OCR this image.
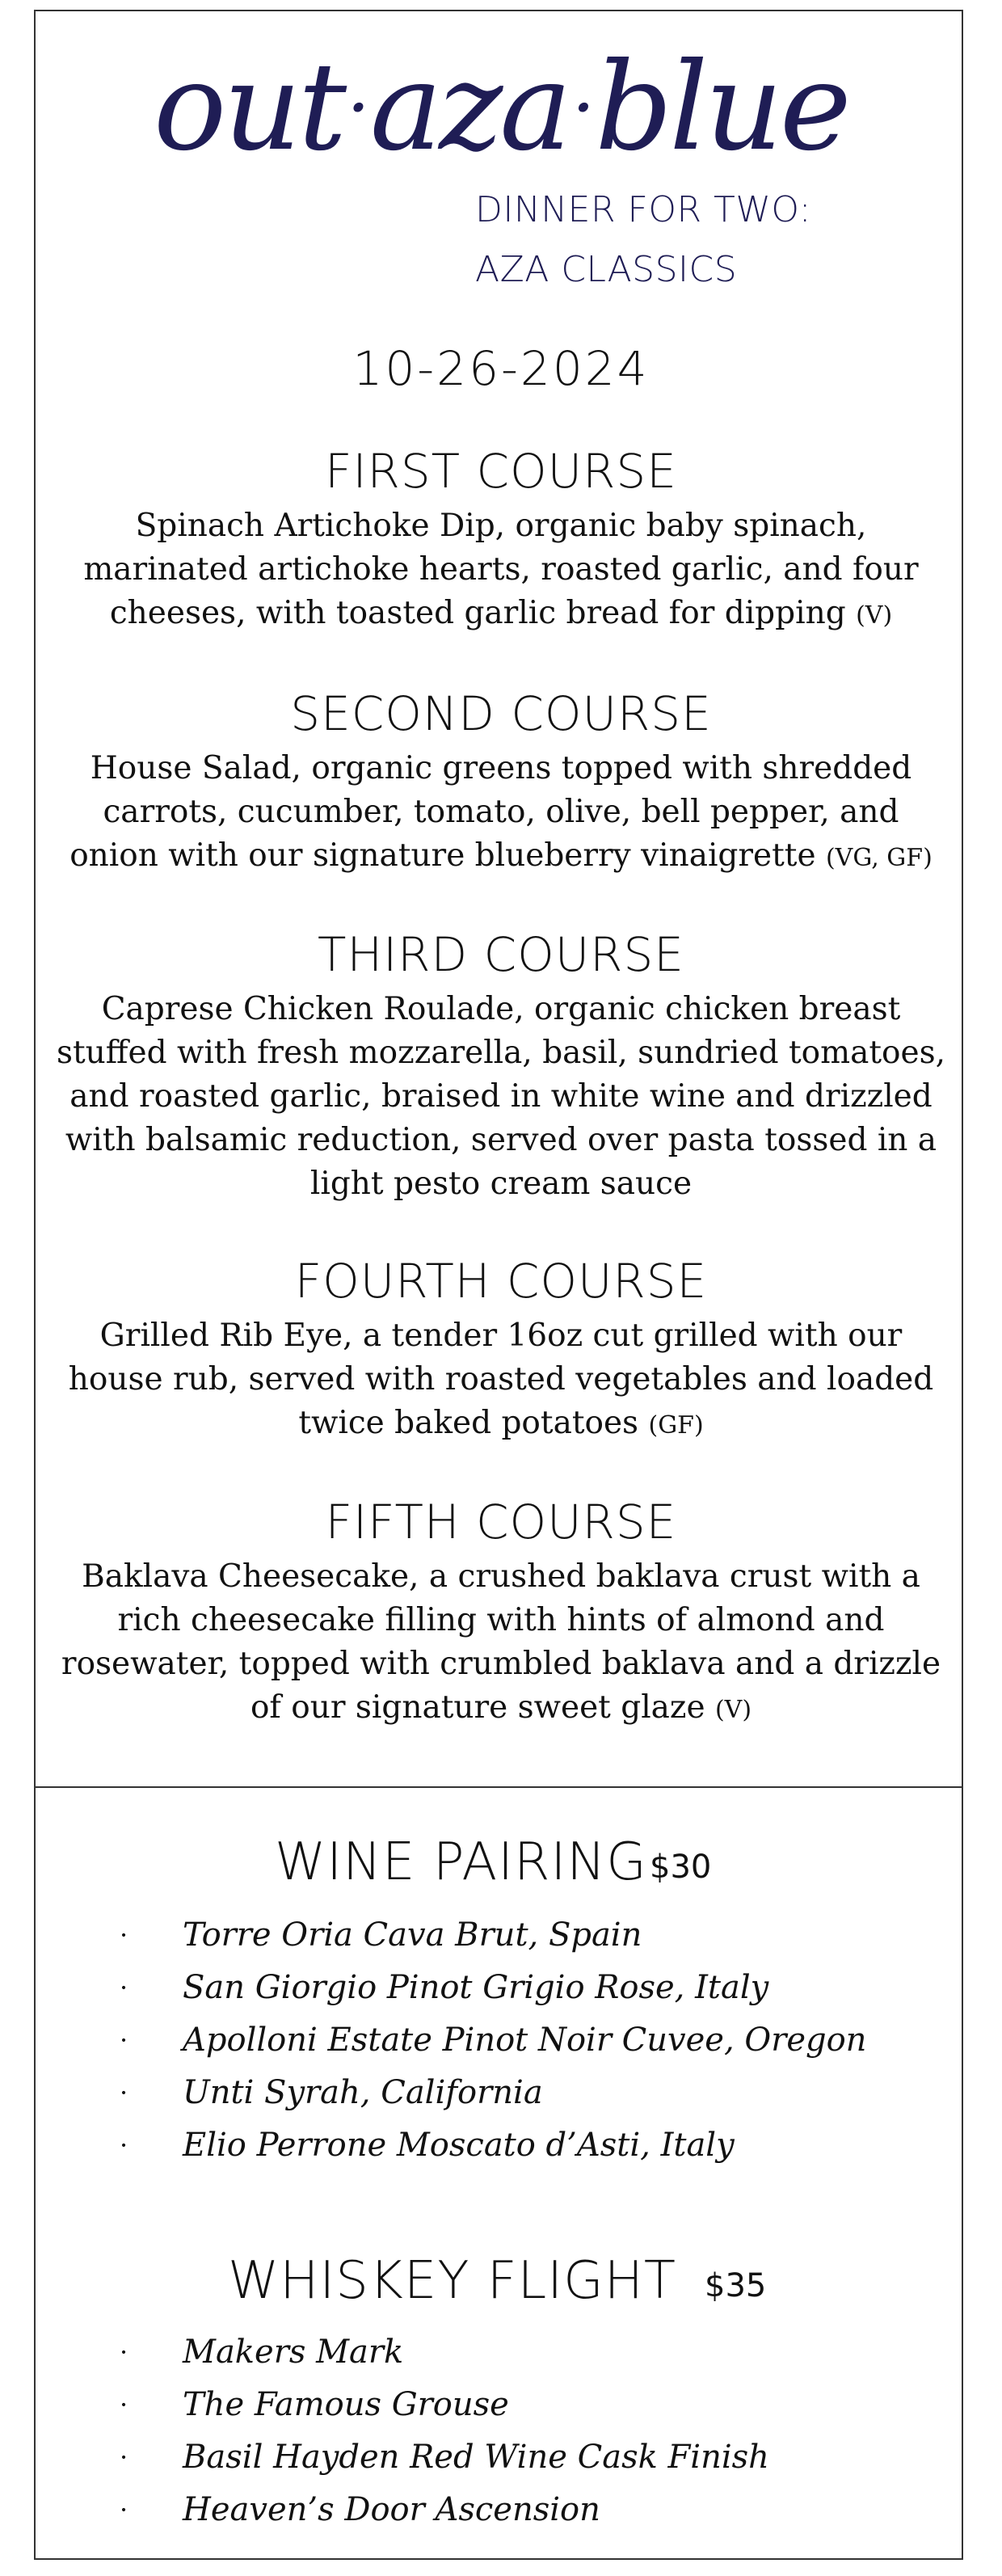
out·aza·blue
DINNER FOR TWO:
AZA CLASSICS
10-26-2024
FIRST COURSE

Spinach Artichoke Dip, organic baby spinach, marinated artichoke hearts, roasted garlic, and four cheeses, with toasted garlic bread for dipping (V)

SECOND COURSE

House Salad, organic greens topped with shredded carrots, cucumber, tomato, olive, bell pepper, and onion with our signature blueberry vinaigrette (VG, GF)

THIRD COURSE

Caprese Chicken Roulade, organic chicken breast stuffed with fresh mozzarella, basil, sundried tomatoes, and roasted garlic, braised in white wine and drizzled with balsamic reduction, served over pasta tossed in a light pesto cream sauce

FOURTH COURSE

Grilled Rib Eye, a tender 16oz cut grilled with our house rub, served with roasted vegetables and loaded twice baked potatoes (GF)

FIFTH COURSE

Baklava Cheesecake, a crushed baklava crust with a rich cheesecake filling with hints of almond and rosewater, topped with crumbled baklava and a drizzle of our signature sweet glaze (V)

WINE PAIRING $30
· Torre Oria Cava Brut, Spain
· San Giorgio Pinot Grigio Rose, Italy
· Apolloni Estate Pinot Noir Cuvee, Oregon
· Unti Syrah, California
· Elio Perrone Moscato d’Asti, Italy
WHISKEY FLIGHT $35
· Makers Mark
· The Famous Grouse
· Basil Hayden Red Wine Cask Finish
· Heaven’s Door Ascension
